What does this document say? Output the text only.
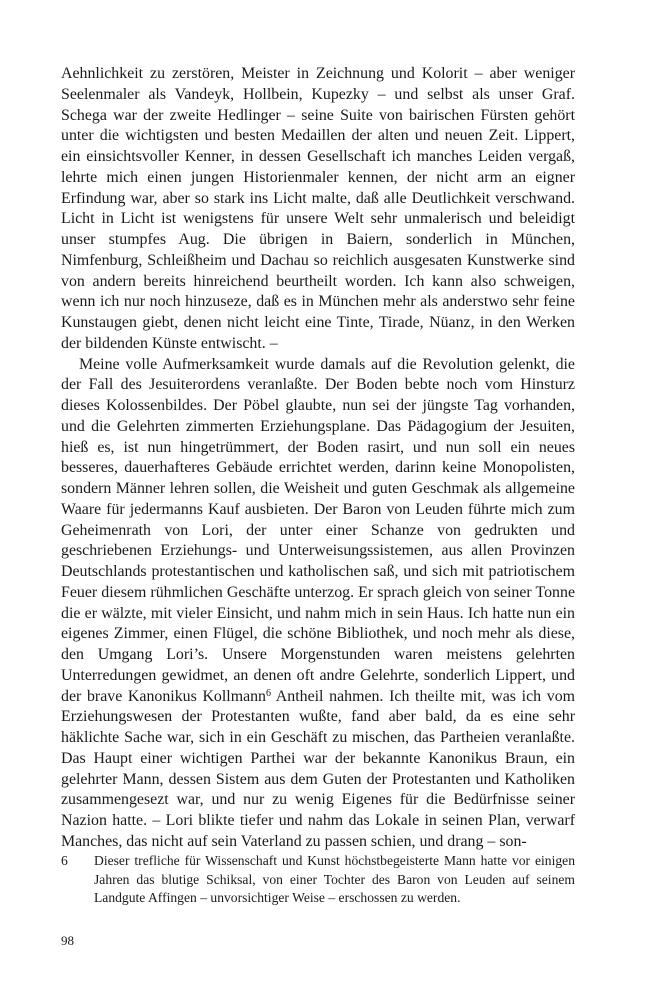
Aehnlichkeit zu zerstören, Meister in Zeichnung und Kolorit – aber weniger Seelenmaler als Vandeyk, Hollbein, Kupezky – und selbst als unser Graf. Schega war der zweite Hedlinger – seine Suite von bairischen Fürsten gehört unter die wichtigsten und besten Medaillen der alten und neuen Zeit. Lippert, ein einsichtsvoller Kenner, in dessen Gesellschaft ich manches Leiden vergaß, lehrte mich einen jungen Historienmaler kennen, der nicht arm an eigner Erfindung war, aber so stark ins Licht malte, daß alle Deutlichkeit verschwand. Licht in Licht ist wenigstens für unsere Welt sehr unmalerisch und beleidigt unser stumpfes Aug. Die übrigen in Baiern, sonderlich in München, Nimfenburg, Schleißheim und Dachau so reichlich ausgesaten Kunstwerke sind von andern bereits hinreichend beurtheilt worden. Ich kann also schweigen, wenn ich nur noch hinzuseze, daß es in München mehr als anderstwo sehr feine Kunstaugen giebt, denen nicht leicht eine Tinte, Tirade, Nüanz, in den Werken der bildenden Künste entwischt. –

Meine volle Aufmerksamkeit wurde damals auf die Revolution gelenkt, die der Fall des Jesuiterordens veranlaßte. Der Boden bebte noch vom Hinsturz dieses Kolossenbildes. Der Pöbel glaubte, nun sei der jüngste Tag vorhanden, und die Gelehrten zimmerten Erziehungsplane. Das Pädagogium der Jesuiten, hieß es, ist nun hingetrümmert, der Boden rasirt, und nun soll ein neues besseres, dauerhafteres Gebäude errichtet werden, darinn keine Monopolisten, sondern Männer lehren sollen, die Weisheit und guten Geschmak als allgemeine Waare für jedermanns Kauf ausbieten. Der Baron von Leuden führte mich zum Geheimenrath von Lori, der unter einer Schanze von gedrukten und geschriebenen Erziehungs- und Unterweisungssistemen, aus allen Provinzen Deutschlands protestantischen und katholischen saß, und sich mit patriotischem Feuer diesem rühmlichen Geschäfte unterzog. Er sprach gleich von seiner Tonne die er wälzte, mit vieler Einsicht, und nahm mich in sein Haus. Ich hatte nun ein eigenes Zimmer, einen Flügel, die schöne Bibliothek, und noch mehr als diese, den Umgang Lori’s. Unsere Morgenstunden waren meistens gelehrten Unterredungen gewidmet, an denen oft andre Gelehrte, sonderlich Lippert, und der brave Kanonikus Kollmann$^6$ Antheil nahmen. Ich theilte mit, was ich vom Erziehungswesen der Protestanten wußte, fand aber bald, da es eine sehr häklichte Sache war, sich in ein Geschäft zu mischen, das Partheien veranlaßte. Das Haupt einer wichtigen Parthei war der bekannte Kanonikus Braun, ein gelehrter Mann, dessen Sistem aus dem Guten der Protestanten und Katholiken zusammengesezt war, und nur zu wenig Eigenes für die Bedürfnisse seiner Nazion hatte. – Lori blikte tiefer und nahm das Lokale in seinen Plan, verwarf Manches, das nicht auf sein Vaterland zu passen schien, und drang – son-

6 Dieser trefliche für Wissenschaft und Kunst höchstbegeisterte Mann hatte vor einigen Jahren das blutige Schiksal, von einer Tochter des Baron von Leuden auf seinem Landgute Affingen – unvorsichtiger Weise – erschossen zu werden.
98
